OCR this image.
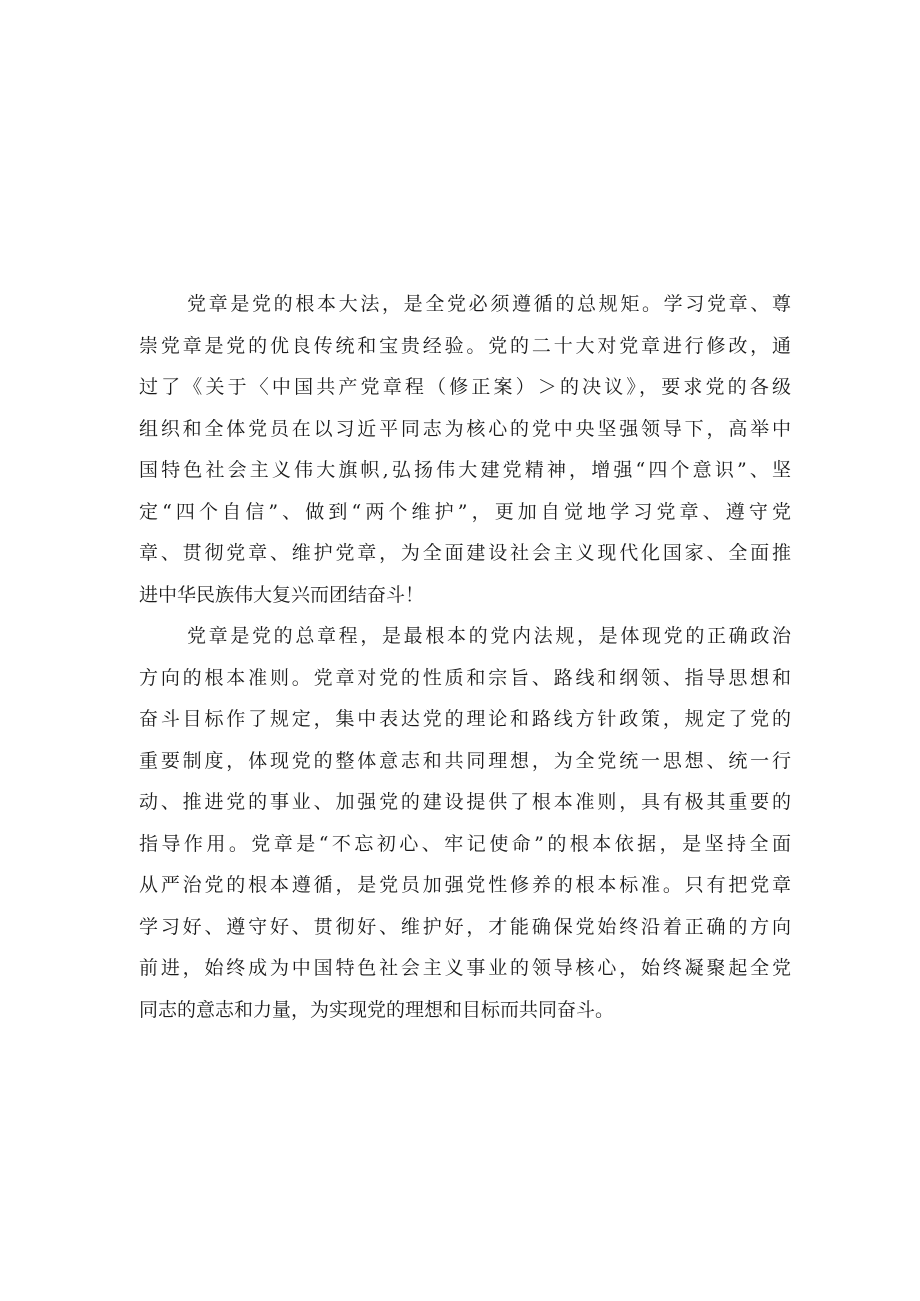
党章是党的根本大法，是全党必须遵循的总规矩。学习党章、尊
崇党章是党的优良传统和宝贵经验。党的二十大对党章进行修改，通
过了《关于〈中国共产党章程（修正案）＞的决议》，要求党的各级
组织和全体党员在以习近平同志为核心的党中央坚强领导下，高举中
国特色社会主义伟大旗帜,弘扬伟大建党精神，增强“四个意识”、坚
定“四个自信”、做到“两个维护”，更加自觉地学习党章、遵守党
章、贯彻党章、维护党章，为全面建设社会主义现代化国家、全面推
进中华民族伟大复兴而团结奋斗！
党章是党的总章程，是最根本的党内法规，是体现党的正确政治
方向的根本准则。党章对党的性质和宗旨、路线和纲领、指导思想和
奋斗目标作了规定，集中表达党的理论和路线方针政策，规定了党的
重要制度，体现党的整体意志和共同理想，为全党统一思想、统一行
动、推进党的事业、加强党的建设提供了根本准则，具有极其重要的
指导作用。党章是“不忘初心、牢记使命”的根本依据，是坚持全面
从严治党的根本遵循，是党员加强党性修养的根本标准。只有把党章
学习好、遵守好、贯彻好、维护好，才能确保党始终沿着正确的方向
前进，始终成为中国特色社会主义事业的领导核心，始终凝聚起全党
同志的意志和力量，为实现党的理想和目标而共同奋斗。
